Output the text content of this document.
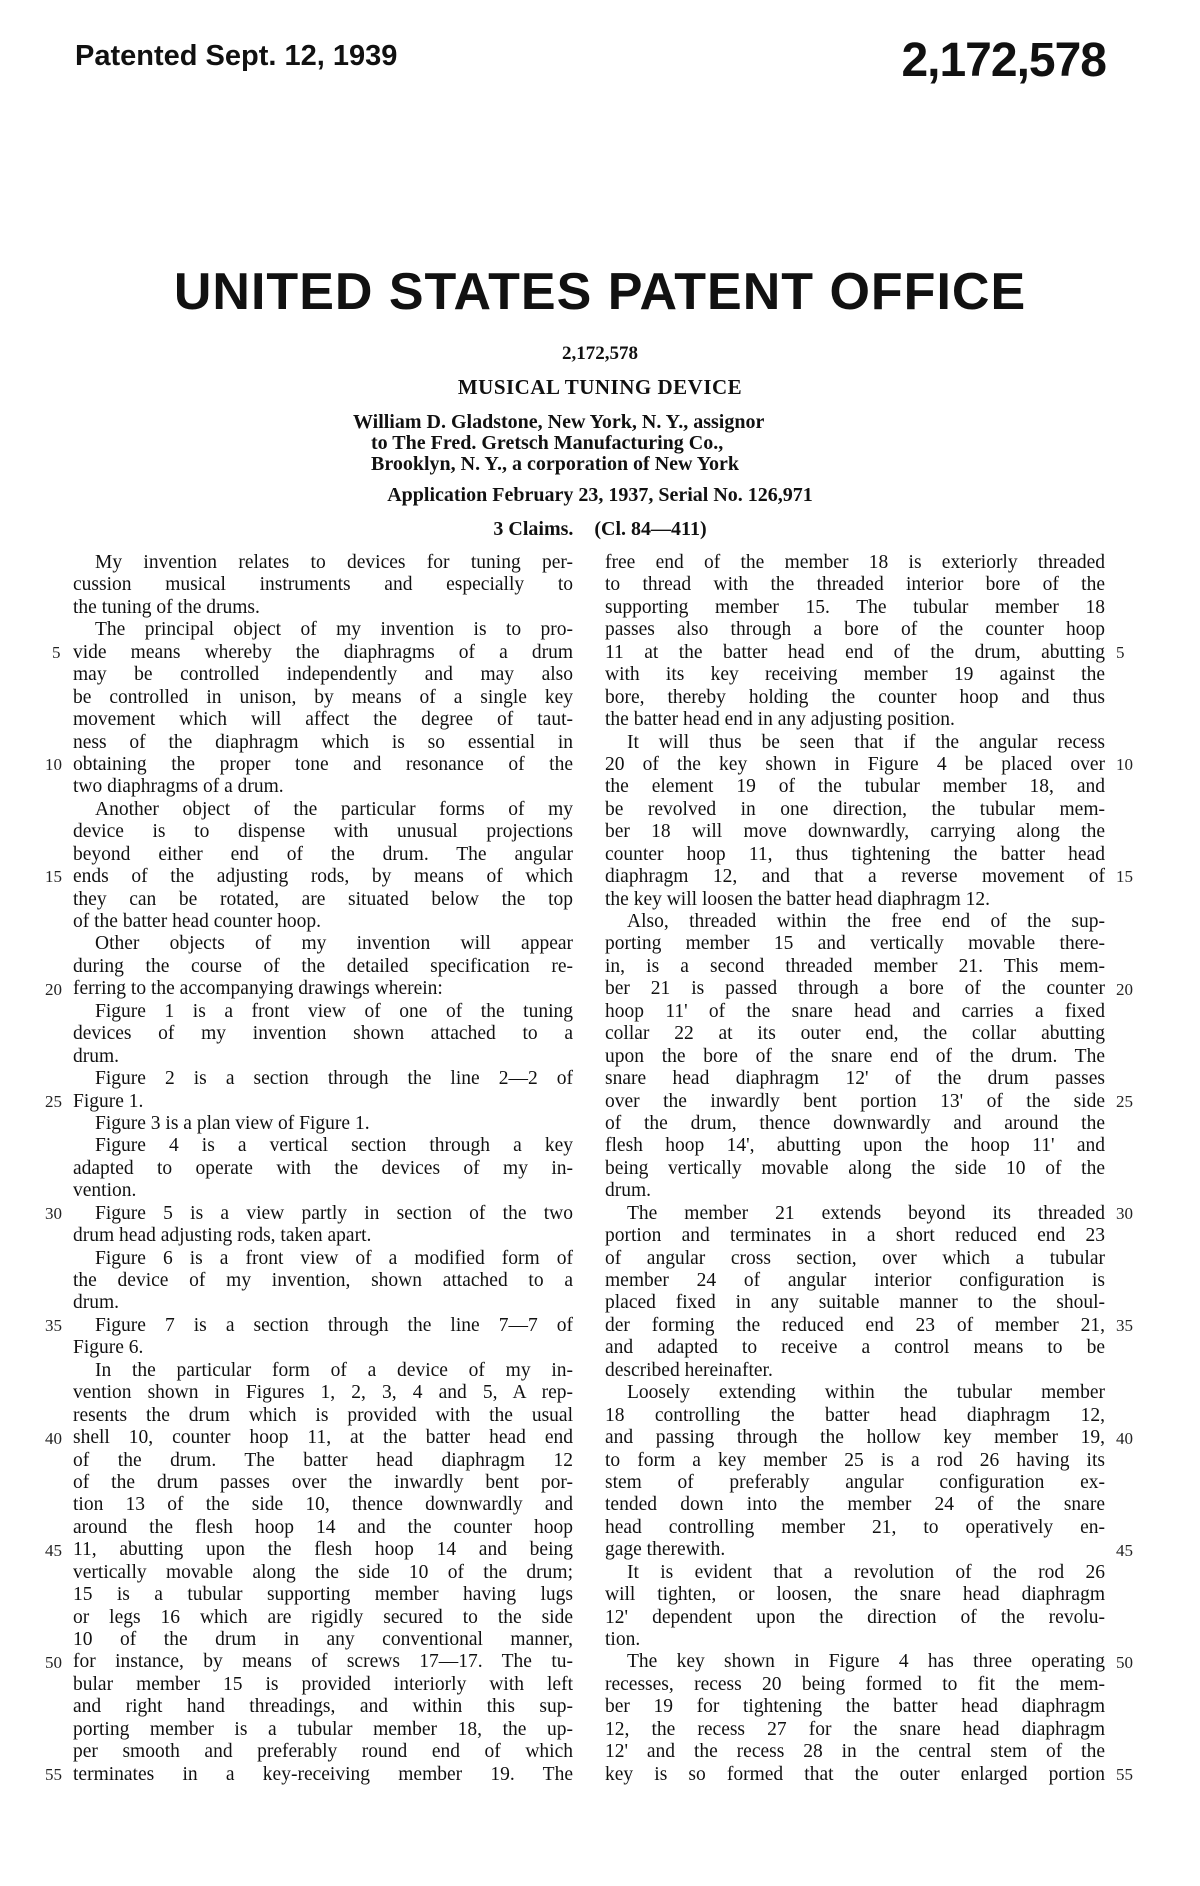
Patented Sept. 12, 1939	2,172,578
UNITED STATES PATENT OFFICE
2,172,578
MUSICAL TUNING DEVICE
William D. Gladstone, New York, N. Y., assignor
to The Fred. Gretsch Manufacturing Co.,
Brooklyn, N. Y., a corporation of New York
Application February 23, 1937, Serial No. 126,971
3 Claims. (Cl. 84—411)
My invention relates to devices for tuning per-
cussion musical instruments and especially to
the tuning of the drums.
The principal object of my invention is to pro-
vide means whereby the diaphragms of a drum
may be controlled independently and may also
be controlled in unison, by means of a single key
movement which will affect the degree of taut-
ness of the diaphragm which is so essential in
obtaining the proper tone and resonance of the
two diaphragms of a drum.
Another object of the particular forms of my
device is to dispense with unusual projections
beyond either end of the drum. The angular
ends of the adjusting rods, by means of which
they can be rotated, are situated below the top
of the batter head counter hoop.
Other objects of my invention will appear
during the course of the detailed specification re-
ferring to the accompanying drawings wherein:
Figure 1 is a front view of one of the tuning
devices of my invention shown attached to a
drum.
Figure 2 is a section through the line 2—2 of
Figure 1.
Figure 3 is a plan view of Figure 1.
Figure 4 is a vertical section through a key
adapted to operate with the devices of my in-
vention.
Figure 5 is a view partly in section of the two
drum head adjusting rods, taken apart.
Figure 6 is a front view of a modified form of
the device of my invention, shown attached to a
drum.
Figure 7 is a section through the line 7—7 of
Figure 6.
In the particular form of a device of my in-
vention shown in Figures 1, 2, 3, 4 and 5, A rep-
resents the drum which is provided with the usual
shell 10, counter hoop 11, at the batter head end
of the drum. The batter head diaphragm 12
of the drum passes over the inwardly bent por-
tion 13 of the side 10, thence downwardly and
around the flesh hoop 14 and the counter hoop
11, abutting upon the flesh hoop 14 and being
vertically movable along the side 10 of the drum;
15 is a tubular supporting member having lugs
or legs 16 which are rigidly secured to the side
10 of the drum in any conventional manner,
for instance, by means of screws 17—17. The tu-
bular member 15 is provided interiorly with left
and right hand threadings, and within this sup-
porting member is a tubular member 18, the up-
per smooth and preferably round end of which
terminates in a key-receiving member 19. The
free end of the member 18 is exteriorly threaded
to thread with the threaded interior bore of the
supporting member 15. The tubular member 18
passes also through a bore of the counter hoop
11 at the batter head end of the drum, abutting
with its key receiving member 19 against the
bore, thereby holding the counter hoop and thus
the batter head end in any adjusting position.
It will thus be seen that if the angular recess
20 of the key shown in Figure 4 be placed over
the element 19 of the tubular member 18, and
be revolved in one direction, the tubular mem-
ber 18 will move downwardly, carrying along the
counter hoop 11, thus tightening the batter head
diaphragm 12, and that a reverse movement of
the key will loosen the batter head diaphragm 12.
Also, threaded within the free end of the sup-
porting member 15 and vertically movable there-
in, is a second threaded member 21. This mem-
ber 21 is passed through a bore of the counter
hoop 11' of the snare head and carries a fixed
collar 22 at its outer end, the collar abutting
upon the bore of the snare end of the drum. The
snare head diaphragm 12' of the drum passes
over the inwardly bent portion 13' of the side
of the drum, thence downwardly and around the
flesh hoop 14', abutting upon the hoop 11' and
being vertically movable along the side 10 of the
drum.
The member 21 extends beyond its threaded
portion and terminates in a short reduced end 23
of angular cross section, over which a tubular
member 24 of angular interior configuration is
placed fixed in any suitable manner to the shoul-
der forming the reduced end 23 of member 21,
and adapted to receive a control means to be
described hereinafter.
Loosely extending within the tubular member
18 controlling the batter head diaphragm 12,
and passing through the hollow key member 19,
to form a key member 25 is a rod 26 having its
stem of preferably angular configuration ex-
tended down into the member 24 of the snare
head controlling member 21, to operatively en-
gage therewith.
It is evident that a revolution of the rod 26
will tighten, or loosen, the snare head diaphragm
12' dependent upon the direction of the revolu-
tion.
The key shown in Figure 4 has three operating
recesses, recess 20 being formed to fit the mem-
ber 19 for tightening the batter head diaphragm
12, the recess 27 for the snare head diaphragm
12' and the recess 28 in the central stem of the
key is so formed that the outer enlarged portion
5	5
10	10
15	15
20	20
25	25
30	30
35	35
40	40
45	45
50	50
55	55
